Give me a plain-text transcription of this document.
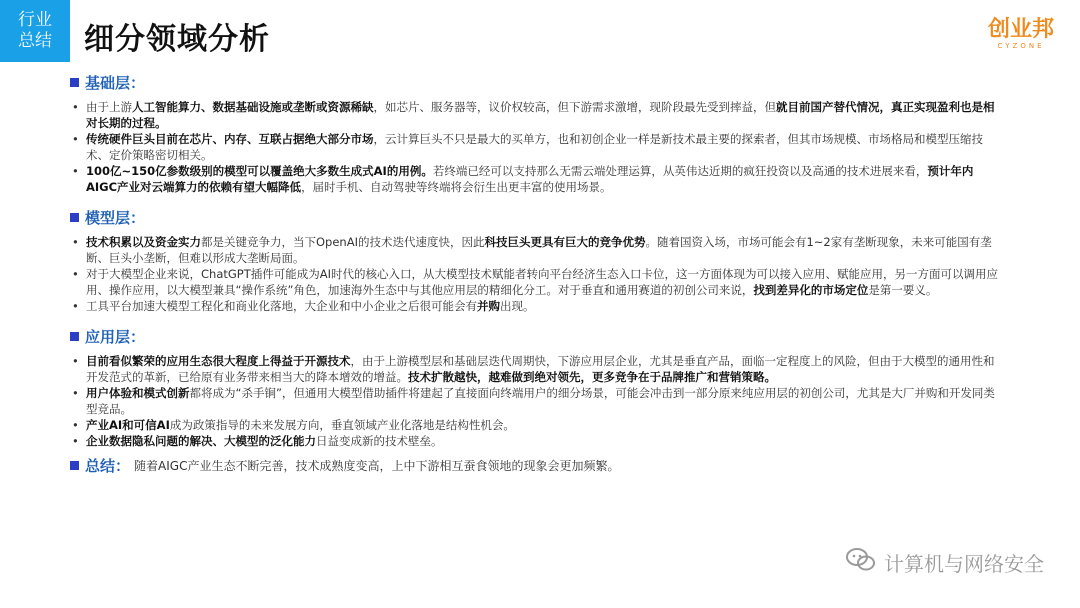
行业
总结 细分领域分析	创业邦
CYZONE
基础层：
• 由于上游人工智能算力、数据基础设施或垄断或资源稀缺，如芯片、服务器等，议价权较高，但下游需求激增，现阶段最先受到摔益，但就目前国产替代情况，真正实现盈利也是相对长期的过程。
• 传统硬件巨头目前在芯片、内存、互联占据绝大部分市场，云计算巨头不只是最大的买单方，也和初创企业一样是新技术最主要的探索者，但其市场规模、市场格局和模型压缩技术、定价策略密切相关。
• 100亿~150亿参数级别的模型可以覆盖绝大多数生成式AI的用例。若终端已经可以支持那么无需云端处理运算，从英伟达近期的疯狂投资以及高通的技术进展来看，预计年内AIGC产业对云端算力的依赖有望大幅降低，届时手机、自动驾驶等终端将会衍生出更丰富的使用场景。
模型层：
• 技术积累以及资金实力都是关键竞争力，当下OpenAI的技术迭代速度快，因此科技巨头更具有巨大的竞争优势。随着国资入场，市场可能会有1~2家有垄断现象，未来可能国有垄断、巨头小垄断，但难以形成大垄断局面。
• 对于大模型企业来说，ChatGPT插件可能成为AI时代的核心入口，从大模型技术赋能者转向平台经济生态入口卡位，这一方面体现为可以接入应用、赋能应用，另一方面可以调用应用、操作应用，以大模型兼具“操作系统”角色，加速海外生态中与其他应用层的精细化分工。对于垂直和通用赛道的初创公司来说，找到差异化的市场定位是第一要义。
• 工具平台加速大模型工程化和商业化落地，大企业和中小企业之后很可能会有并购出现。
应用层：
• 目前看似繁荣的应用生态很大程度上得益于开源技术，由于上游模型层和基础层迭代周期快，下游应用层企业，尤其是垂直产品，面临一定程度上的风险，但由于大模型的通用性和开发范式的革新，已给原有业务带来相当大的降本增效的增益。技术扩散越快，越难做到绝对领先，更多竞争在于品牌推广和营销策略。
• 用户体验和模式创新都将成为“杀手锏”，但通用大模型借助插件将建起了直接面向终端用户的细分场景，可能会冲击到一部分原来纯应用层的初创公司，尤其是大厂并购和开发同类型竞品。
• 产业AI和可信AI成为政策指导的未来发展方向，垂直领域产业化落地是结构性机会。
• 企业数据隐私问题的解决、大模型的泛化能力日益变成新的技术壁垒。
总结： 随着AIGC产业生态不断完善，技术成熟度变高，上中下游相互蚕食领地的现象会更加频繁。
计算机与网络安全
